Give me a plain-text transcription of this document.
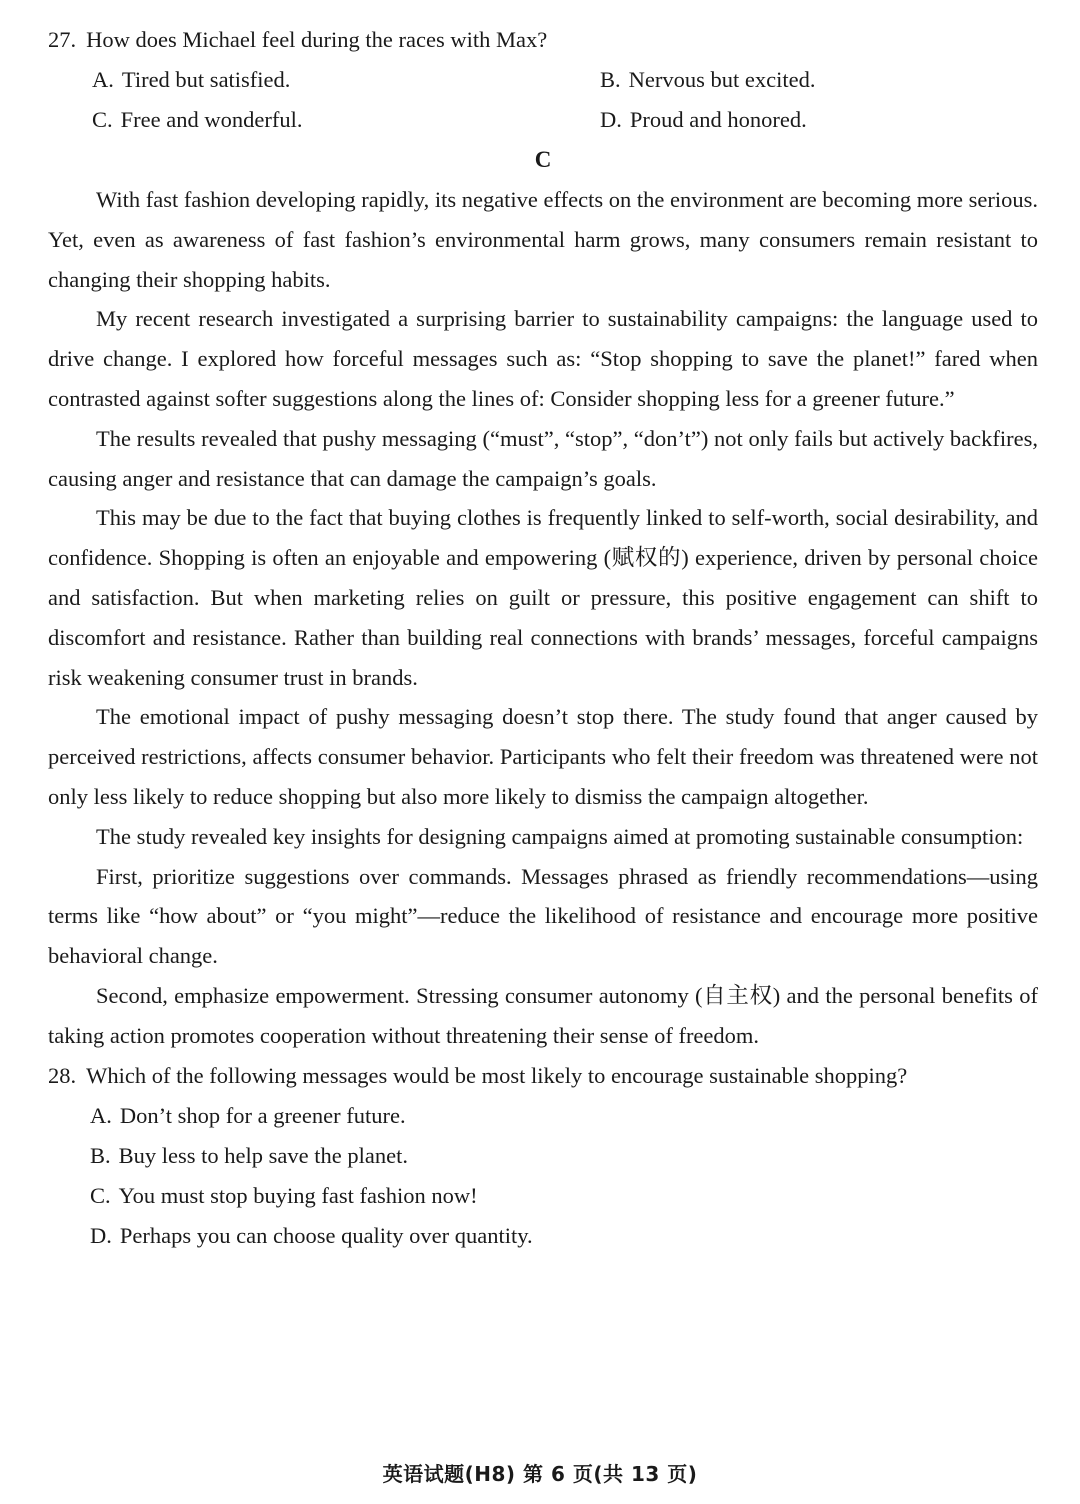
27. How does Michael feel during the races with Max?
A. Tired but satisfied.	B. Nervous but excited.
C. Free and wonderful.	D. Proud and honored.
C

With fast fashion developing rapidly, its negative effects on the environment are becoming more serious. Yet, even as awareness of fast fashion’s environmental harm grows, many consumers remain resistant to changing their shopping habits.

My recent research investigated a surprising barrier to sustainability campaigns: the language used to drive change. I explored how forceful messages such as: “Stop shopping to save the planet!” fared when contrasted against softer suggestions along the lines of: Consider shopping less for a greener future.”

The results revealed that pushy messaging (“must”, “stop”, “don’t”) not only fails but actively backfires, causing anger and resistance that can damage the campaign’s goals.

This may be due to the fact that buying clothes is frequently linked to self-worth, social desirability, and confidence. Shopping is often an enjoyable and empowering (赋权的) experience, driven by personal choice and satisfaction. But when marketing relies on guilt or pressure, this positive engagement can shift to discomfort and resistance. Rather than building real connections with brands’ messages, forceful campaigns risk weakening consumer trust in brands.

The emotional impact of pushy messaging doesn’t stop there. The study found that anger caused by perceived restrictions, affects consumer behavior. Participants who felt their freedom was threatened were not only less likely to reduce shopping but also more likely to dismiss the campaign altogether.

The study revealed key insights for designing campaigns aimed at promoting sustainable consumption:

First, prioritize suggestions over commands. Messages phrased as friendly recommendations—using terms like “how about” or “you might”—reduce the likelihood of resistance and encourage more positive behavioral change.

Second, emphasize empowerment. Stressing consumer autonomy (自主权) and the personal benefits of taking action promotes cooperation without threatening their sense of freedom.

28. Which of the following messages would be most likely to encourage sustainable shopping?
A. Don’t shop for a greener future.
B. Buy less to help save the planet.
C. You must stop buying fast fashion now!
D. Perhaps you can choose quality over quantity.
英语试题(H8) 第 6 页(共 13 页)
